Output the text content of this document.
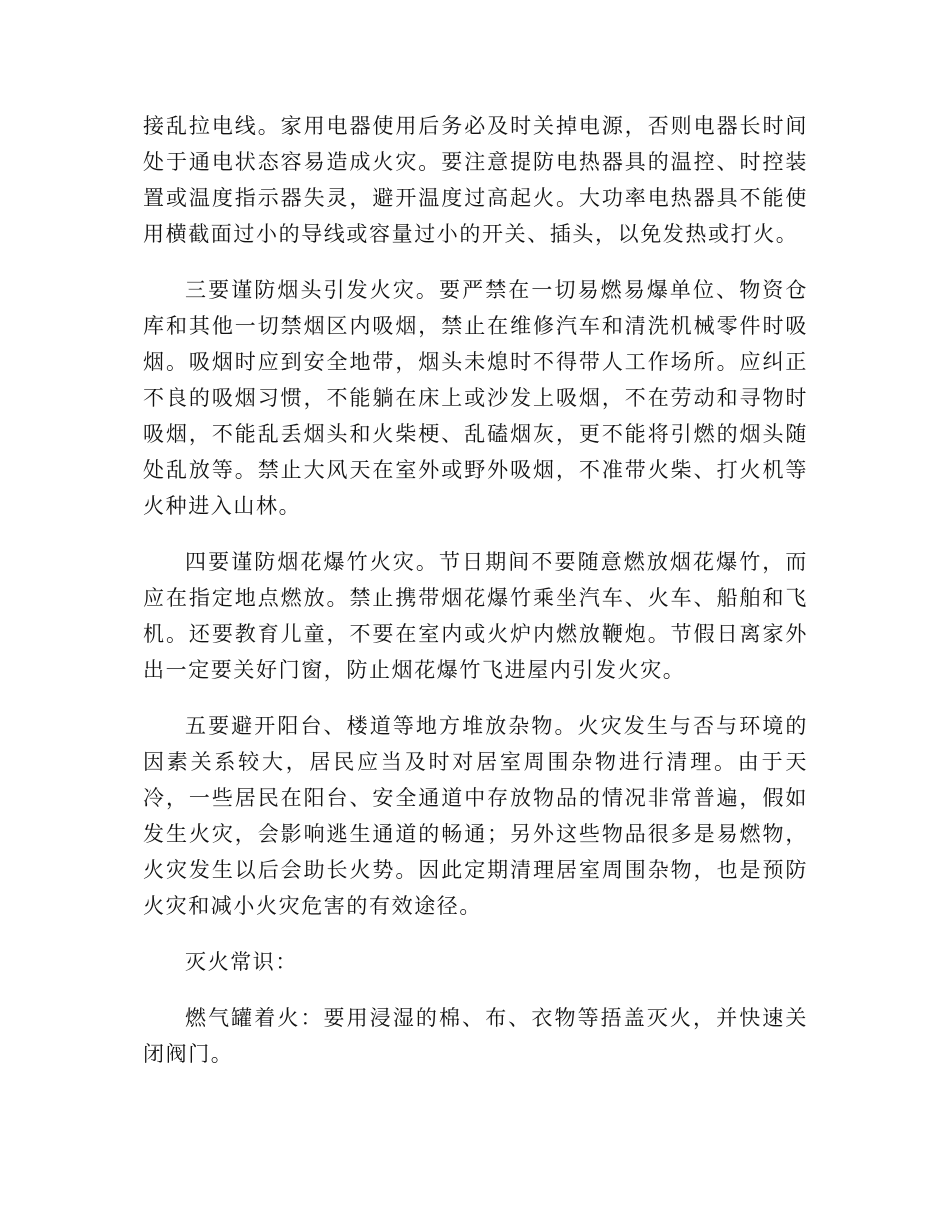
接乱拉电线。家用电器使用后务必及时关掉电源，否则电器长时间处于通电状态容易造成火灾。要注意提防电热器具的温控、时控装置或温度指示器失灵，避开温度过高起火。大功率电热器具不能使用横截面过小的导线或容量过小的开关、插头，以免发热或打火。

三要谨防烟头引发火灾。要严禁在一切易燃易爆单位、物资仓库和其他一切禁烟区内吸烟，禁止在维修汽车和清洗机械零件时吸烟。吸烟时应到安全地带，烟头未熄时不得带人工作场所。应纠正不良的吸烟习惯，不能躺在床上或沙发上吸烟，不在劳动和寻物时吸烟，不能乱丢烟头和火柴梗、乱磕烟灰，更不能将引燃的烟头随处乱放等。禁止大风天在室外或野外吸烟，不准带火柴、打火机等火种进入山林。

四要谨防烟花爆竹火灾。节日期间不要随意燃放烟花爆竹，而应在指定地点燃放。禁止携带烟花爆竹乘坐汽车、火车、船舶和飞机。还要教育儿童，不要在室内或火炉内燃放鞭炮。节假日离家外出一定要关好门窗，防止烟花爆竹飞进屋内引发火灾。

五要避开阳台、楼道等地方堆放杂物。火灾发生与否与环境的因素关系较大，居民应当及时对居室周围杂物进行清理。由于天冷，一些居民在阳台、安全通道中存放物品的情况非常普遍，假如发生火灾，会影响逃生通道的畅通；另外这些物品很多是易燃物，火灾发生以后会助长火势。因此定期清理居室周围杂物，也是预防火灾和减小火灾危害的有效途径。

灭火常识：

燃气罐着火：要用浸湿的棉、布、衣物等捂盖灭火，并快速关闭阀门。
